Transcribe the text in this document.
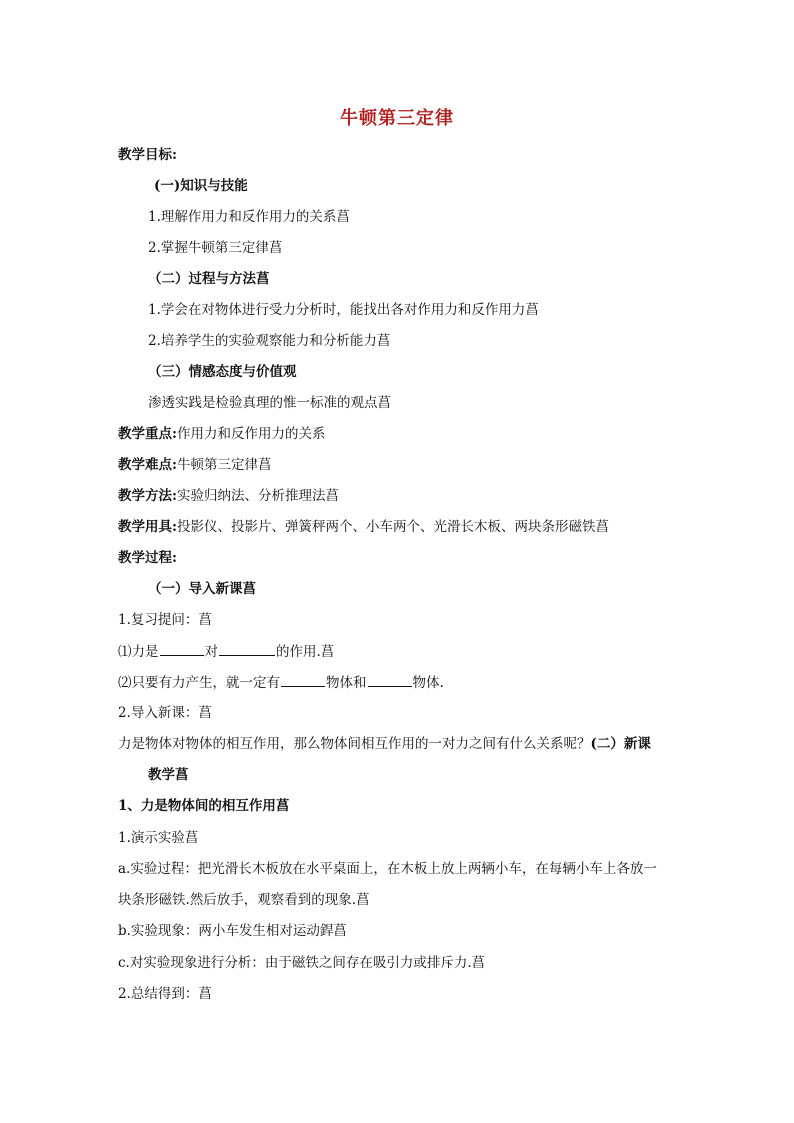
牛顿第三定律
教学目标:
(一)知识与技能
1.理解作用力和反作用力的关系菖
2.掌握牛顿第三定律菖
（二）过程与方法菖
1.学会在对物体进行受力分析时，能找出各对作用力和反作用力菖
2.培养学生的实验观察能力和分析能力菖
（三）情感态度与价值观
渗透实践是检验真理的惟一标准的观点菖
教学重点:作用力和反作用力的关系
教学难点:牛顿第三定律菖
教学方法:实验归纳法、分析推理法菖
教学用具:投影仪、投影片、弹簧秤两个、小车两个、光滑长木板、两块条形磁铁菖
教学过程:
（一）导入新课菖
1.复习提问：菖
⑴力是	对	的作用.菖
⑵只要有力产生，就一定有	物体和	物体.
2.导入新课：菖
力是物体对物体的相互作用，那么物体间相互作用的一对力之间有什么关系呢？(二）新课
教学菖
1、力是物体间的相互作用菖
1.演示实验菖
a.实验过程：把光滑长木板放在水平桌面上，在木板上放上两辆小车，在每辆小车上各放一
块条形磁铁.然后放手，观察看到的现象.菖
b.实验现象：两小车发生相对运动銲菖
c.对实验现象进行分析：由于磁铁之间存在吸引力或排斥力.菖
2.总结得到：菖
